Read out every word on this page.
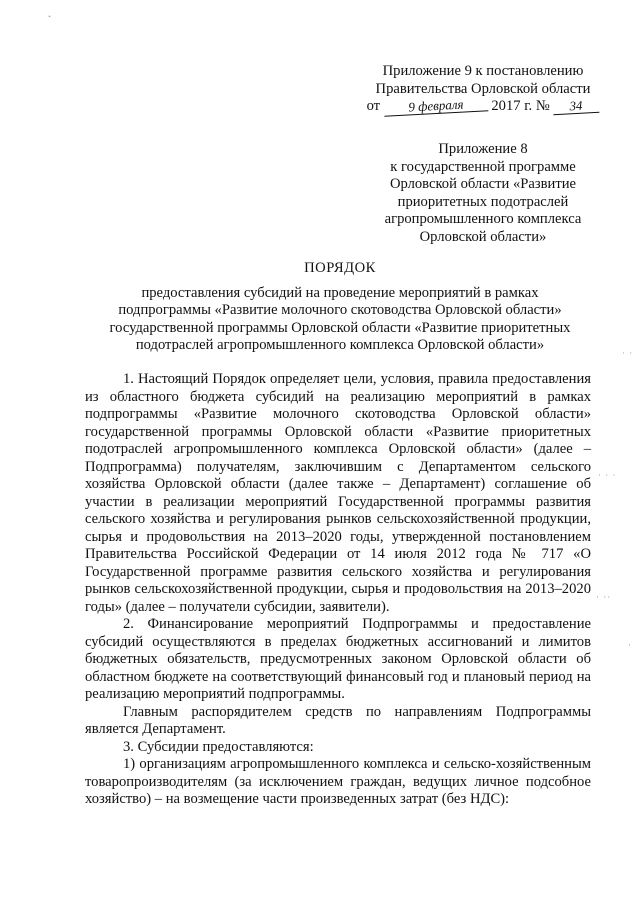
Приложение 9 к постановлению
Правительства Орловской области
от 9 февраля 2017 г. № 34
Приложение 8
к государственной программе
Орловской области «Развитие
приоритетных подотраслей
агропромышленного комплекса
Орловской области»
ПОРЯДОК
предоставления субсидий на проведение мероприятий в рамках
подпрограммы «Развитие молочного скотоводства Орловской области»
государственной программы Орловской области «Развитие приоритетных
подотраслей агропромышленного комплекса Орловской области»

1. Настоящий Порядок определяет цели, условия, правила предоставления из областного бюджета субсидий на реализацию мероприятий в рамках подпрограммы «Развитие молочного скотоводства Орловской области» государственной программы Орловской области «Развитие приоритетных подотраслей агропромышленного комплекса Орловской области» (далее – Подпрограмма) получателям, заключившим с Департаментом сельского хозяйства Орловской области (далее также – Департамент) соглашение об участии в реализации мероприятий Государственной программы развития сельского хозяйства и регулирования рынков сельскохозяйственной продукции, сырья и продовольствия на 2013–2020 годы, утвержденной постановлением Правительства Российской Федерации от 14 июля 2012 года № 717 «О Государственной программе развития сельского хозяйства и регулирования рынков сельскохозяйственной продукции, сырья и продовольствия на 2013–2020 годы» (далее – получатели субсидии, заявители).

2. Финансирование мероприятий Подпрограммы и предоставление субсидий осуществляются в пределах бюджетных ассигнований и лимитов бюджетных обязательств, предусмотренных законом Орловской области об областном бюджете на соответствующий финансовый год и плановый период на реализацию мероприятий подпрограммы.

Главным распорядителем средств по направлениям Подпрограммы является Департамент.

3. Субсидии предоставляются:

1) организациям агропромышленного комплекса и сельско-хозяйственным товаропроизводителям (за исключением граждан, ведущих личное подсобное хозяйство) – на возмещение части произведенных затрат (без НДС):

· ·
· · ·
· ··
·
ˇ
